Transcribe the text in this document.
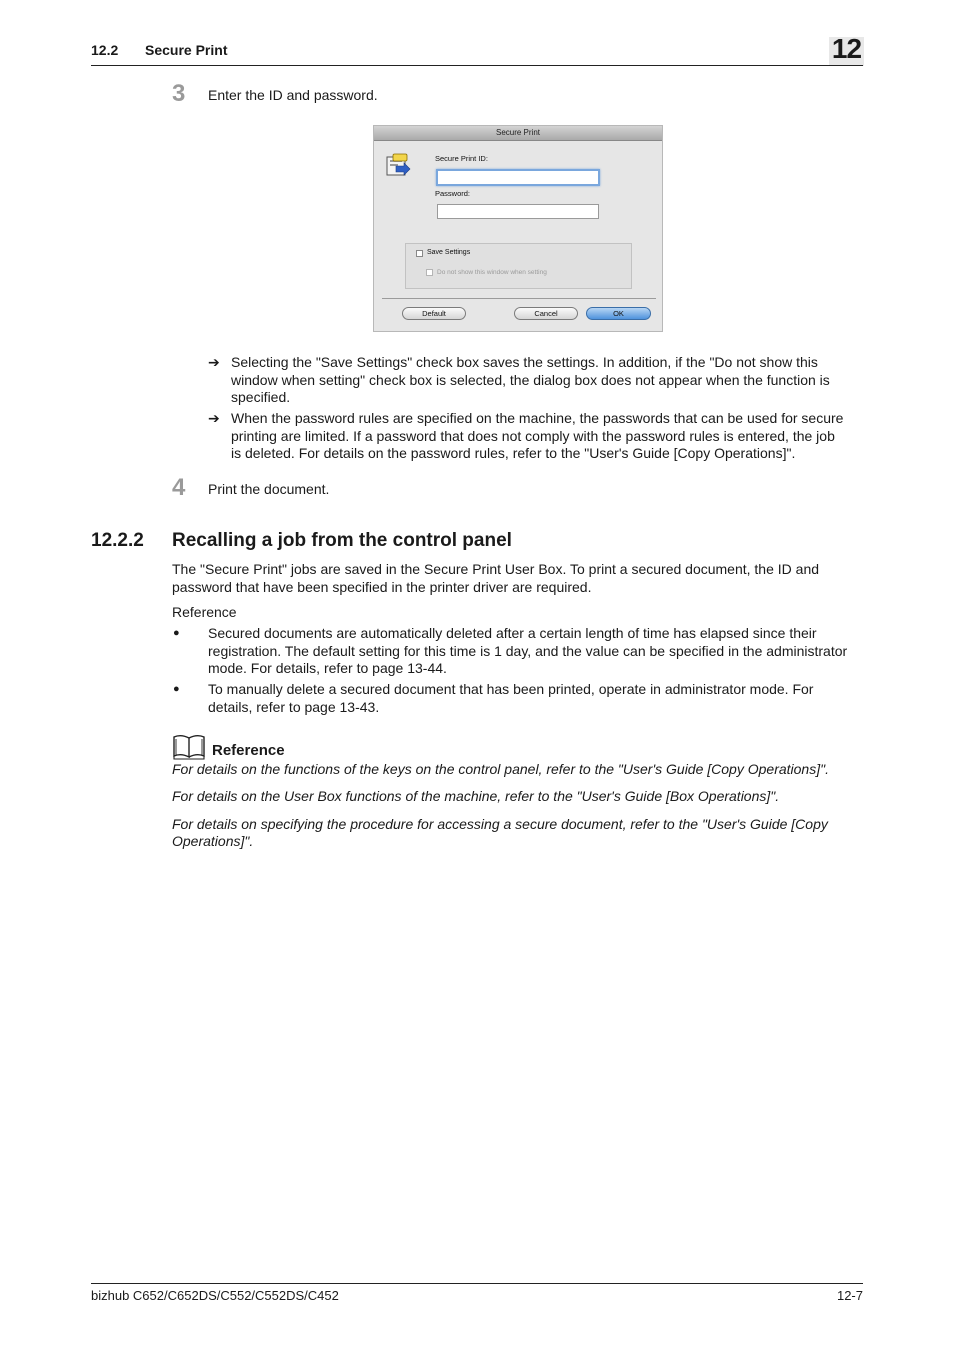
12.2 Secure Print	12
3 Enter the ID and password.
Secure Print
Secure Print ID:
Password:
Save Settings
Do not show this window when setting
Default	Cancel	OK
➔ Selecting the "Save Settings" check box saves the settings. In addition, if the "Do not show this
window when setting" check box is selected, the dialog box does not appear when the function is
specified.
➔ When the password rules are specified on the machine, the passwords that can be used for secure
printing are limited. If a password that does not comply with the password rules is entered, the job
is deleted. For details on the password rules, refer to the "User's Guide [Copy Operations]".
4 Print the document.
12.2.2 Recalling a job from the control panel
The "Secure Print" jobs are saved in the Secure Print User Box. To print a secured document, the ID and
password that have been specified in the printer driver are required.
Reference
● Secured documents are automatically deleted after a certain length of time has elapsed since their
registration. The default setting for this time is 1 day, and the value can be specified in the administrator
mode. For details, refer to page 13-44.
● To manually delete a secured document that has been printed, operate in administrator mode. For
details, refer to page 13-43.
Reference
For details on the functions of the keys on the control panel, refer to the "User's Guide [Copy Operations]".
For details on the User Box functions of the machine, refer to the "User's Guide [Box Operations]".
For details on specifying the procedure for accessing a secure document, refer to the "User's Guide [Copy
Operations]".
bizhub C652/C652DS/C552/C552DS/C452	12-7
